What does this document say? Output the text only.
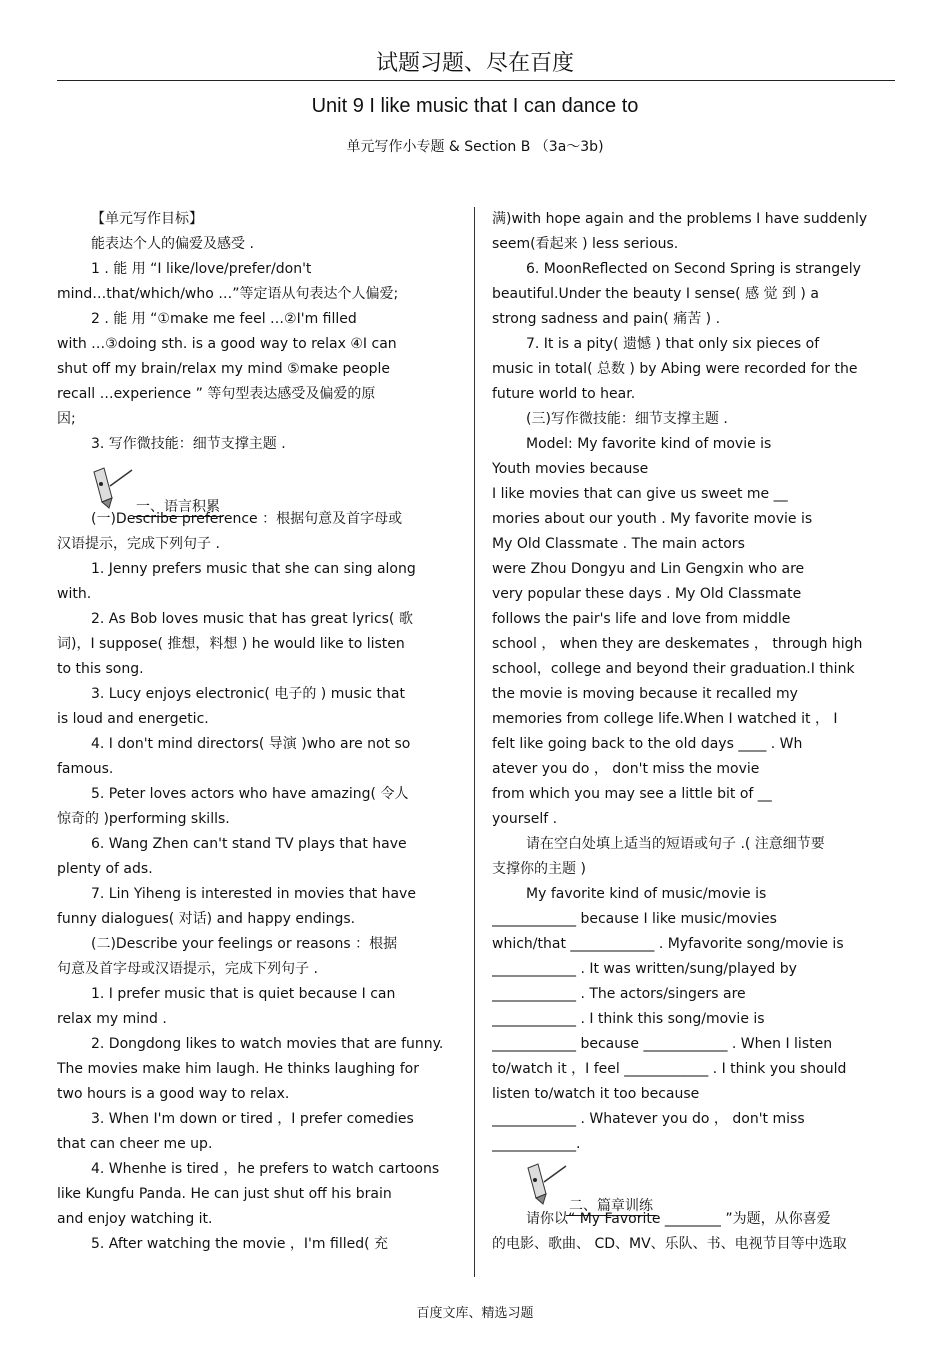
试题习题、尽在百度
Unit 9 I like music that I can dance to
单元写作小专题 & Section B （3a～3b)
【单元写作目标】
能表达个人的偏爱及感受 .
1 . 能 用 “I like/love/prefer/don't
mind…that/which/who …”等定语从句表达个人偏爱;
2 . 能 用 “①make me feel …②I'm filled
with …③doing sth. is a good way to relax ④I can
shut off my brain/relax my mind ⑤make people
recall …experience ” 等句型表达感受及偏爱的原
因;
3. 写作微技能：细节支撑主题 .
(一)Describe preference ：根据句意及首字母或
汉语提示，完成下列句子 .
1. Jenny prefers music that she can sing along
with.
2. As Bob loves music that has great lyrics( 歌
词)，I suppose( 推想，料想 ) he would like to listen
to this song.
3. Lucy enjoys electronic( 电子的 ) music that
is loud and energetic.
4. I don't mind directors( 导演 )who are not so
famous.
5. Peter loves actors who have amazing( 令人
惊奇的 )performing skills.
6. Wang Zhen can't stand TV plays that have
plenty of ads.
7. Lin Yiheng is interested in movies that have
funny dialogues( 对话) and happy endings.
(二)Describe your feelings or reasons ：根据
句意及首字母或汉语提示，完成下列句子 .
1. I prefer music that is quiet because I can
relax my mind .
2. Dongdong likes to watch movies that are funny.
The movies make him laugh. He thinks laughing for
two hours is a good way to relax.
3. When I'm down or tired ，I prefer comedies
that can cheer me up.
4. Whenhe is tired ，he prefers to watch cartoons
like Kungfu Panda. He can just shut off his brain
and enjoy watching it.
5. After watching the movie ，I'm filled( 充
满)with hope again and the problems I have suddenly
seem(看起来 ) less serious.
6. MoonReflected on Second Spring is strangely
beautiful.Under the beauty I sense( 感 觉 到 ) a
strong sadness and pain( 痛苦 ) .
7. It is a pity( 遗憾 ) that only six pieces of
music in total( 总数 ) by Abing were recorded for the
future world to hear.
(三)写作微技能：细节支撑主题 .
Model: My favorite kind of movie is
Youth movies because
I like movies that can give us sweet me __
mories about our youth . My favorite movie is
My Old Classmate . The main actors
were Zhou Dongyu and Lin Gengxin who are
very popular these days . My Old Classmate
follows the pair's life and love from middle
school ， when they are deskemates ， through high
school，college and beyond their graduation.I think
the movie is moving because it recalled my
memories from college life.When I watched it ， I
felt like going back to the old days ____ . Wh
atever you do ， don't miss the movie
from which you may see a little bit of __
yourself .
请在空白处填上适当的短语或句子 .( 注意细节要
支撑你的主题 )
My favorite kind of music/movie is
____________ because I like music/movies
which/that ____________ . Myfavorite song/movie is
____________ . It was written/sung/played by
____________ . The actors/singers are
____________ . I think this song/movie is
____________ because ____________ . When I listen
to/watch it ，I feel ____________ . I think you should
listen to/watch it too because
____________ . Whatever you do ， don't miss
____________.
请你以“ My Favorite ________ ”为题，从你喜爱
的电影、歌曲、 CD、MV、乐队、书、电视节目等中选取
一、语言积累
二、篇章训练
百度文库、精选习题
